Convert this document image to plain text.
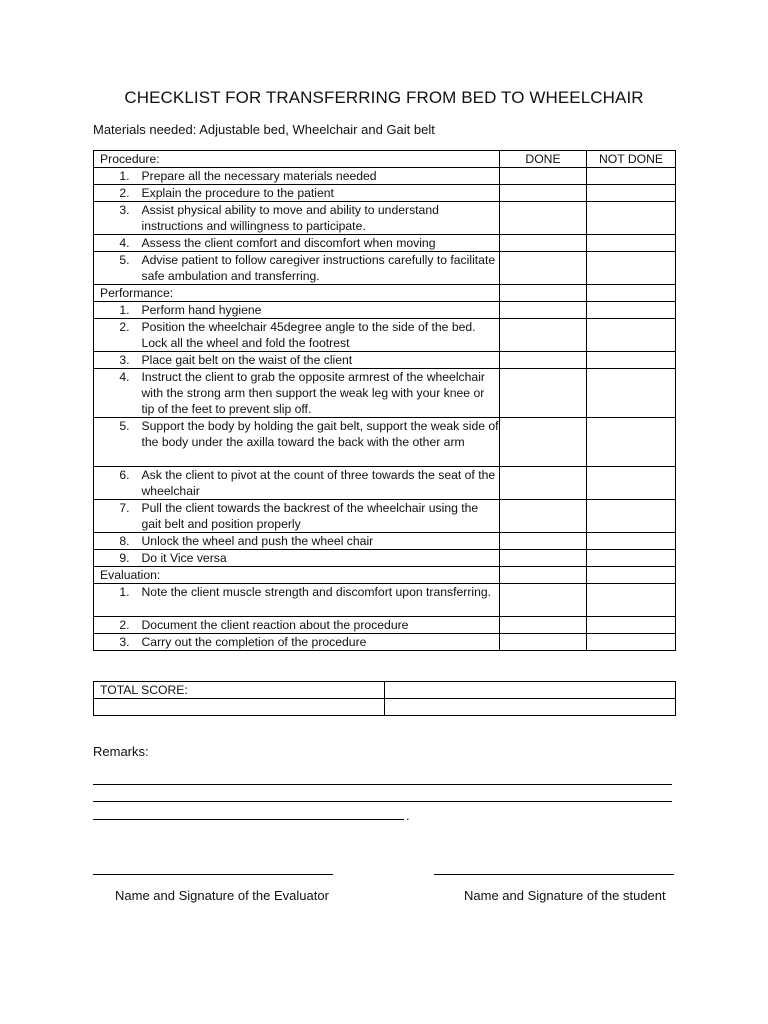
CHECKLIST FOR TRANSFERRING FROM BED TO WHEELCHAIR
Materials needed: Adjustable bed, Wheelchair and Gait belt
Procedure:		DONE	NOT DONE
1.	Prepare all the necessary materials needed		
2.	Explain the procedure to the patient		
3.	Assist physical ability to move and ability to understand instructions and willingness to participate.		
4.	Assess the client comfort and discomfort when moving		
5.	Advise patient to follow caregiver instructions carefully to facilitate safe ambulation and transferring.		
Performance:			
1.	Perform hand hygiene		
2.	Position the wheelchair 45degree angle to the side of the bed. Lock all the wheel and fold the footrest		
3.	Place gait belt on the waist of the client		
4.	Instruct the client to grab the opposite armrest of the wheelchair with the strong arm then support the weak leg with your knee or tip of the feet to prevent slip off.		
5.	Support the body by holding the gait belt, support the weak side of the body under the axilla toward the back with the other arm		
6.	Ask the client to pivot at the count of three towards the seat of the wheelchair		
7.	Pull the client towards the backrest of the wheelchair using the gait belt and position properly		
8.	Unlock the wheel and push the wheel chair		
9.	Do it Vice versa		
Evaluation:			
1.	Note the client muscle strength and discomfort upon transferring.		
2.	Document the client reaction about the procedure		
3.	Carry out the completion of the procedure		
TOTAL SCORE:	

Remarks:
.
Name and Signature of the Evaluator	Name and Signature of the student
